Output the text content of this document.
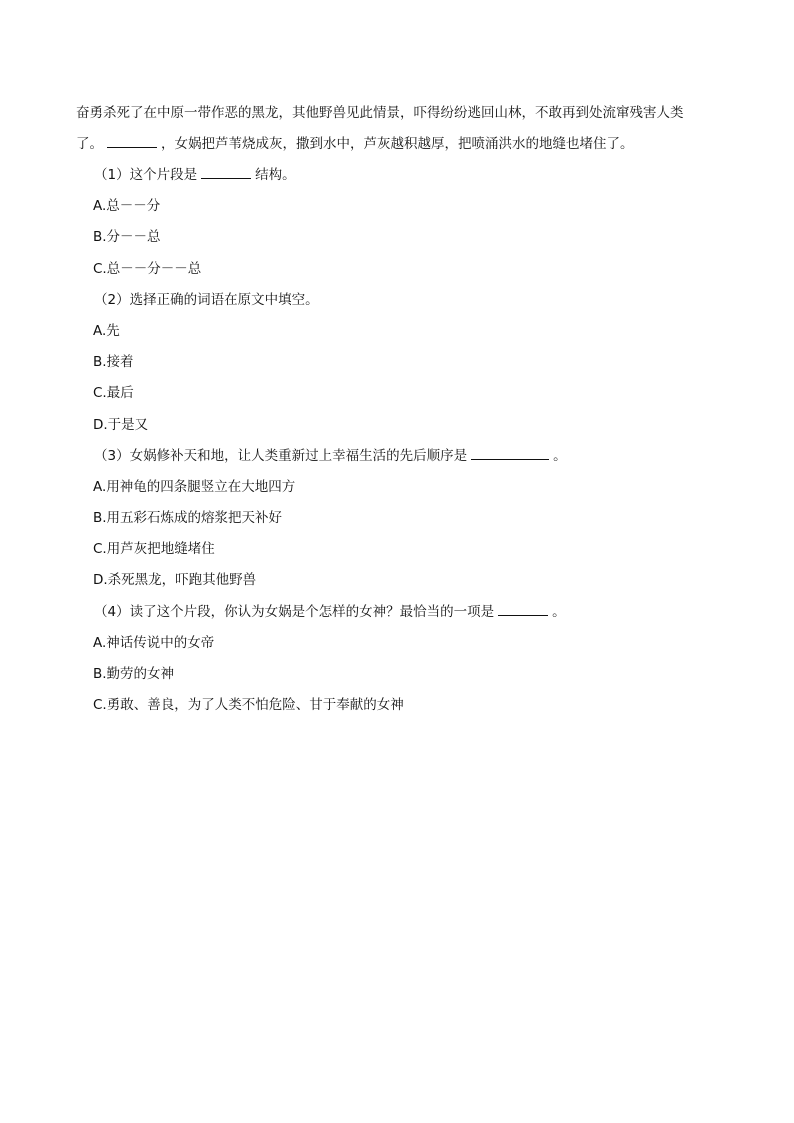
奋勇杀死了在中原一带作恶的黑龙，其他野兽见此情景，吓得纷纷逃回山林，不敢再到处流窜残害人类
了。	，女娲把芦苇烧成灰，撒到水中，芦灰越积越厚，把喷涌洪水的地缝也堵住了。
（1）这个片段是	结构。
A.总－－分
B.分－－总
C.总－－分－－总
（2）选择正确的词语在原文中填空。
A.先
B.接着
C.最后
D.于是又
（3）女娲修补天和地，让人类重新过上幸福生活的先后顺序是	。
A.用神龟的四条腿竖立在大地四方
B.用五彩石炼成的熔浆把天补好
C.用芦灰把地缝堵住
D.杀死黑龙，吓跑其他野兽
（4）读了这个片段，你认为女娲是个怎样的女神？最恰当的一项是	。
A.神话传说中的女帝
B.勤劳的女神
C.勇敢、善良，为了人类不怕危险、甘于奉献的女神
